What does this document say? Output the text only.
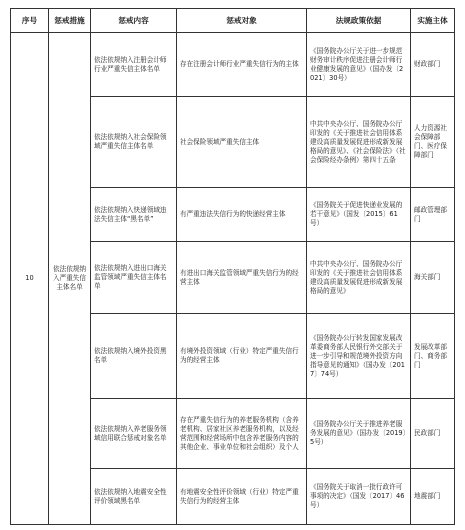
序号	惩戒措施	惩戒内容	惩戒对象	法规政策依据	实施主体
10	依法依规纳入严重失信主体名单	依法依规纳入注册会计师行业严重失信主体名单	存在注册会计师行业严重失信行为的主体	《国务院办公厅关于进一步规范财务审计秩序促进注册会计师行业健康发展的意见》（国办发〔2021〕30号）	财政部门
		依法依规纳入社会保险领域严重失信主体名单	社会保险领域严重失信主体	中共中央办公厅、国务院办公厅印发的《关于推进社会信用体系建设高质量发展促进形成新发展格局的意见》、《社会保险法》（社会保险经办条例）第四十五条	人力资源社会保障部门、医疗保障部门
		依法依规纳入快递领域违法失信主体“黑名单”	有严重违法失信行为的快递经营主体	《国务院关于促进快递业发展的若干意见》（国发〔2015〕61号）	邮政管理部门
		依法依规纳入进出口海关监管领域严重失信主体名单	有进出口海关监管领域严重失信行为的经营主体	中共中央办公厅、国务院办公厅印发的《关于推进社会信用体系建设高质量发展促进形成新发展格局的意见》	海关部门
		依法依规纳入境外投资黑名单	有境外投资领域（行业）特定严重失信行为的经营主体	《国务院办公厅转发国家发展改革委商务部人民银行外交部关于进一步引导和规范境外投资方向指导意见的通知》（国办发〔2017〕74号）	发展改革部门、商务部门
		依法依规纳入养老服务领域信用联合惩戒对象名单	存在严重失信行为的养老服务机构（含养老机构、居家社区养老服务机构，以及经营范围和经营场所中包含养老服务内容的其他企业、事业单位和社会组织）及个人	《国务院办公厅关于推进养老服务发展的意见》（国办发〔2019〕5号）	民政部门
		依法依规纳入地震安全性评价领域黑名单	有地震安全性评价领域（行业）特定严重失信行为的经营主体	《国务院关于取消一批行政许可事项的决定》（国发〔2017〕46号）	地震部门
